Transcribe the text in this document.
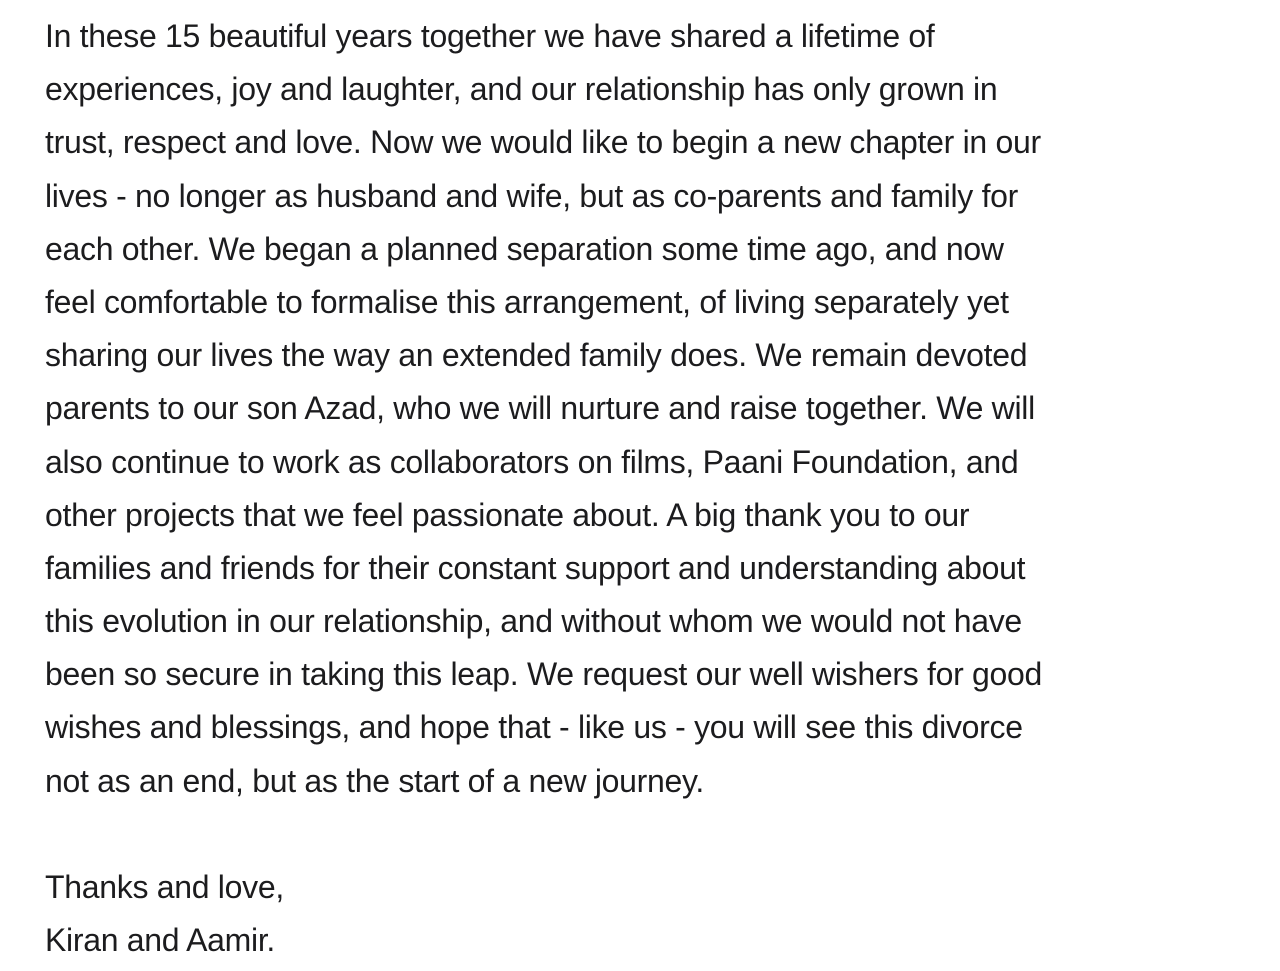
In these 15 beautiful years together we have shared a lifetime of
experiences, joy and laughter, and our relationship has only grown in
trust, respect and love. Now we would like to begin a new chapter in our
lives - no longer as husband and wife, but as co-parents and family for
each other. We began a planned separation some time ago, and now
feel comfortable to formalise this arrangement, of living separately yet
sharing our lives the way an extended family does. We remain devoted
parents to our son Azad, who we will nurture and raise together. We will
also continue to work as collaborators on films, Paani Foundation, and
other projects that we feel passionate about. A big thank you to our
families and friends for their constant support and understanding about
this evolution in our relationship, and without whom we would not have
been so secure in taking this leap. We request our well wishers for good
wishes and blessings, and hope that - like us - you will see this divorce
not as an end, but as the start of a new journey.
Thanks and love,
Kiran and Aamir.
